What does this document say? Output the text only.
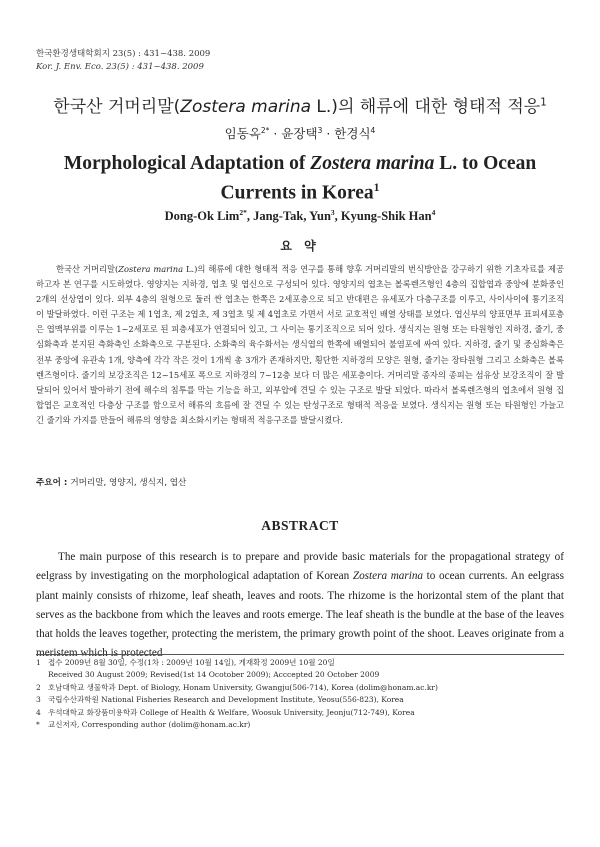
한국환경생태학회지 23(5) : 431~438. 2009
Kor. J. Env. Eco. 23(5) : 431~438. 2009
한국산 거머리말(Zostera marina L.)의 해류에 대한 형태적 적응$^1$
임동옥$^{2*}$ · 윤장택$^3$ · 한경식$^4$
Morphological Adaptation of Zostera marina L. to Ocean Currents in Korea$^1$
Dong-Ok Lim$^{2*}$, Jang-Tak, Yun$^3$, Kyung-Shik Han$^4$
요 약

한국산 거머리말(Zostera marina L.)의 해류에 대한 형태적 적응 연구를 통해 향후 거머리말의 번식방안을 강구하기 위한 기초자료를 제공하고자 본 연구를 시도하였다. 영양지는 지하경, 엽초 및 엽신으로 구성되어 있다. 영양지의 엽초는 볼록렌즈형인 4층의 집합엽과 중앙에 분화중인 2개의 선상엽이 있다. 외부 4층의 원형으로 둘러 싼 엽초는 한쪽은 2세포층으로 되고 반대편은 유세포가 다층구조를 이루고, 사이사이에 통기조직이 발달하였다. 이런 구조는 제 1엽초, 제 2엽초, 제 3엽초 및 제 4엽초로 가면서 서로 교호적인 배열 상태를 보였다. 엽신부의 양표면부 표피세포층은 엽맥부위를 이루는 1~2세포로 된 피층세포가 연결되어 있고, 그 사이는 통기조직으로 되어 있다. 생식지는 원형 또는 타원형인 지하경, 줄기, 중심화축과 분지된 측화축인 소화축으로 구분된다. 소화축의 육수화서는 생식엽의 한쪽에 배열되어 불염포에 싸여 있다. 지하경, 줄기 및 중심화축은 전부 중앙에 유관속 1개, 양측에 각각 작은 것이 1개씩 총 3개가 존재하지만, 횡단한 지하경의 모양은 원형, 줄기는 장타원형 그리고 소화축은 볼록렌즈형이다. 줄기의 보강조직은 12~15세포 폭으로 지하경의 7~12층 보다 더 많은 세포층이다. 거머리말 종자의 종피는 섬유상 보강조직이 잘 발달되어 있어서 발아하기 전에 해수의 침투를 막는 기능을 하고, 외부압에 견딜 수 있는 구조로 발달 되었다. 따라서 볼록렌즈형의 엽초에서 원형 집합엽은 교호적인 다층상 구조를 함으로서 해류의 흐름에 잘 견딜 수 있는 탄성구조로 형태적 적응을 보였다. 생식지는 원형 또는 타원형인 가늘고 긴 줄기와 가지를 만들어 해류의 영향을 최소화시키는 형태적 적응구조를 발달시켰다.

주요어 : 거머리말, 영양지, 생식지, 엽산
ABSTRACT

The main purpose of this research is to prepare and provide basic materials for the propagational strategy of eelgrass by investigating on the morphological adaptation of Korean Zostera marina to ocean currents. An eelgrass plant mainly consists of rhizome, leaf sheath, leaves and roots. The rhizome is the horizontal stem of the plant that serves as the backbone from which the leaves and roots emerge. The leaf sheath is the bundle at the base of the leaves that holds the leaves together, protecting the meristem, the primary growth point of the shoot. Leaves originate from a meristem which is protected

1 접수 2009년 8월 30일, 수정(1차 : 2009년 10월 14일), 게재확정 2009년 10월 20일
Received 30 August 2009; Revised(1st 14 Ocotober 2009); Acccepted 20 October 2009
2 호남대학교 생물학과 Dept. of Biology, Honam University, Gwangju(506-714), Korea (dolim@honam.ac.kr)
3 국립수산과학원 National Fisheries Research and Development Institute, Yeosu(556-823), Korea
4 우석대학교 화장품미용학과 College of Health & Welfare, Woosuk University, Jeonju(712-749), Korea
* 교신저자, Corresponding author (dolim@honam.ac.kr)
